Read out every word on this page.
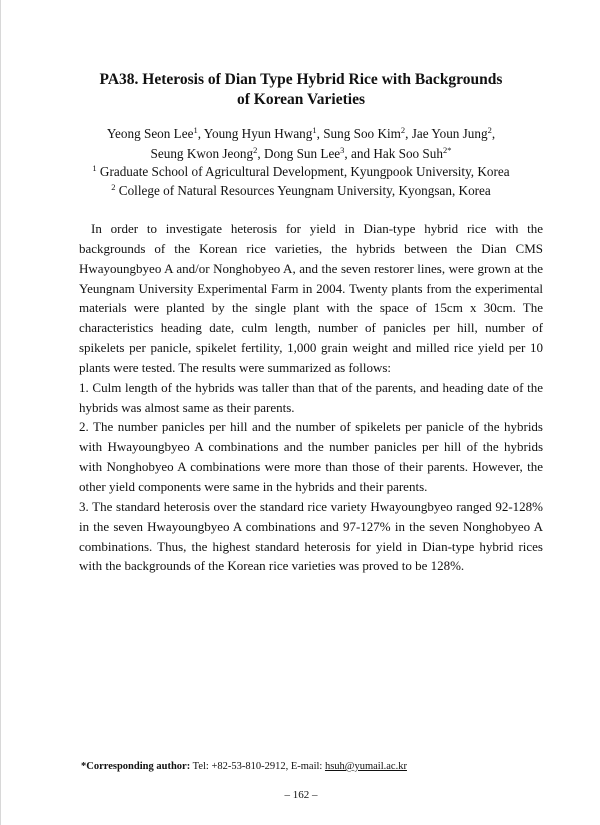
PA38. Heterosis of Dian Type Hybrid Rice with Backgrounds
of Korean Varieties
Yeong Seon Lee$^1$, Young Hyun Hwang$^1$, Sung Soo Kim$^2$, Jae Youn Jung$^2$,
Seung Kwon Jeong$^2$, Dong Sun Lee$^3$, and Hak Soo Suh$^{2*}$
$^1$ Graduate School of Agricultural Development, Kyungpook University, Korea
$^2$ College of Natural Resources Yeungnam University, Kyongsan, Korea

In order to investigate heterosis for yield in Dian-type hybrid rice with the backgrounds of the Korean rice varieties, the hybrids between the Dian CMS Hwayoungbyeo A and/or Nonghobyeo A, and the seven restorer lines, were grown at the Yeungnam University Experimental Farm in 2004. Twenty plants from the experimental materials were planted by the single plant with the space of 15cm x 30cm. The characteristics heading date, culm length, number of panicles per hill, number of spikelets per panicle, spikelet fertility, 1,000 grain weight and milled rice yield per 10 plants were tested. The results were summarized as follows:

1. Culm length of the hybrids was taller than that of the parents, and heading date of the hybrids was almost same as their parents.

2. The number panicles per hill and the number of spikelets per panicle of the hybrids with Hwayoungbyeo A combinations and the number panicles per hill of the hybrids with Nonghobyeo A combinations were more than those of their parents. However, the other yield components were same in the hybrids and their parents.

3. The standard heterosis over the standard rice variety Hwayoungbyeo ranged 92-128% in the seven Hwayoungbyeo A combinations and 97-127% in the seven Nonghobyeo A combinations. Thus, the highest standard heterosis for yield in Dian-type hybrid rices with the backgrounds of the Korean rice varieties was proved to be 128%.

*Corresponding author: Tel: +82-53-810-2912, E-mail: hsuh@yumail.ac.kr
– 162 –
